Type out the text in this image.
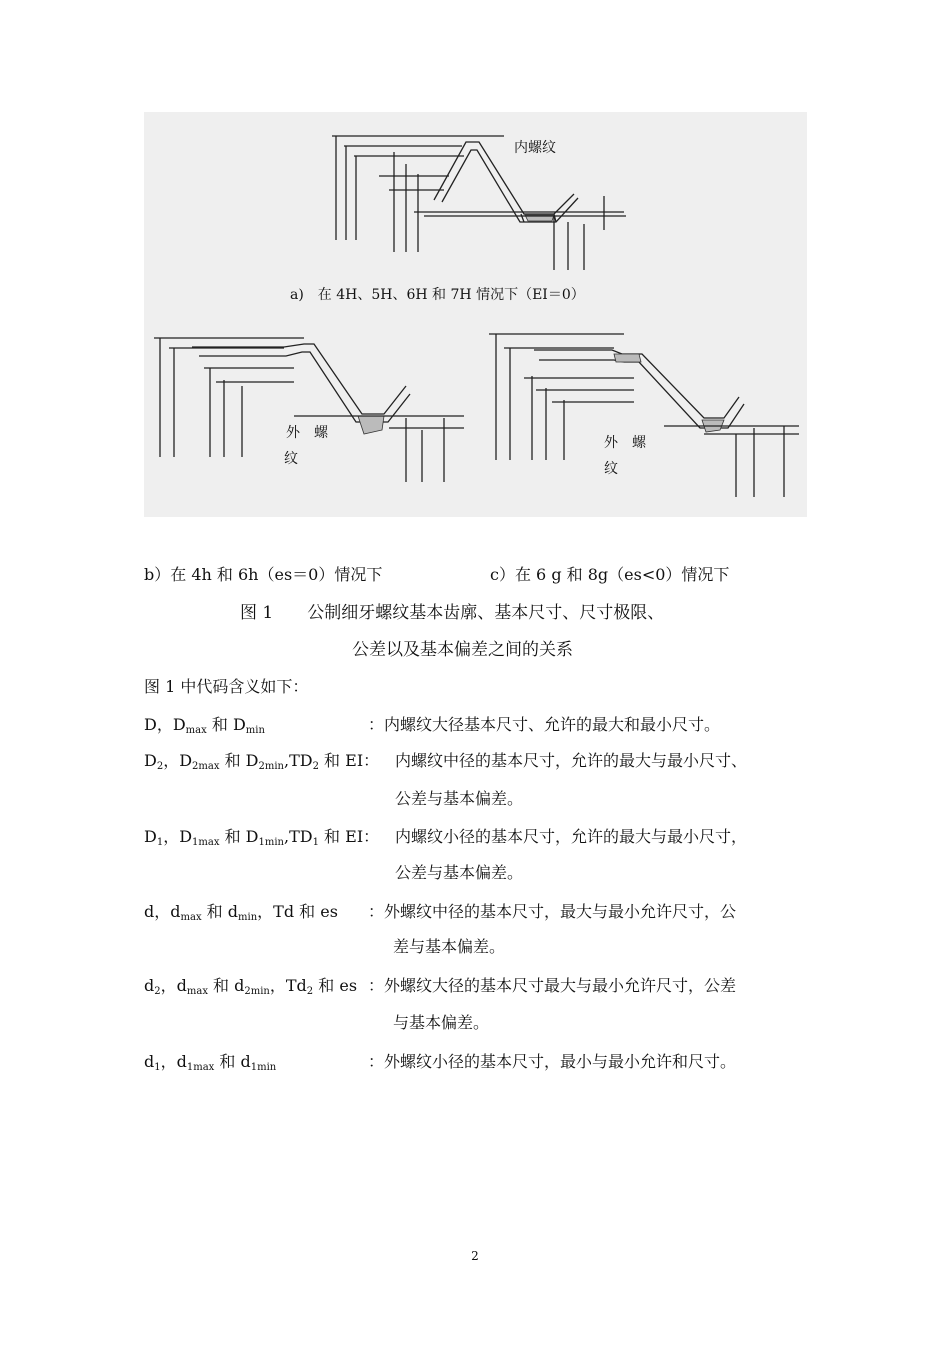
内螺纹
a)　在 4H、5H、6H 和 7H 情况下（EI＝0）
外　螺
纹
外　螺
纹
b）在 4h 和 6h（es＝0）情况下	c）在 6 g 和 8g（es<0）情况下
图 1　　公制细牙螺纹基本齿廓、基本尺寸、尺寸极限、
公差以及基本偏差之间的关系
图 1 中代码含义如下：
D，$D_{max}$ 和 $D_{min}$	：内螺纹大径基本尺寸、允许的最大和最小尺寸。
$D_2$，$D_{2max}$ 和 $D_{2min},TD_2$ 和 EI： 内螺纹中径的基本尺寸，允许的最大与最小尺寸、
公差与基本偏差。
$D_1$，$D_{1max}$ 和 $D_{1min},TD_1$ 和 EI： 内螺纹小径的基本尺寸，允许的最大与最小尺寸，
公差与基本偏差。
d，$d_{max}$ 和 $d_{min}$，Td 和 es ：外螺纹中径的基本尺寸，最大与最小允许尺寸，公
差与基本偏差。
$d_2$，$d_{max}$ 和 $d_{2min}$，$Td_2$ 和 es ：外螺纹大径的基本尺寸最大与最小允许尺寸，公差
与基本偏差。
$d_1$，$d_{1max}$ 和 $d_{1min}$	：外螺纹小径的基本尺寸，最小与最小允许和尺寸。
2
